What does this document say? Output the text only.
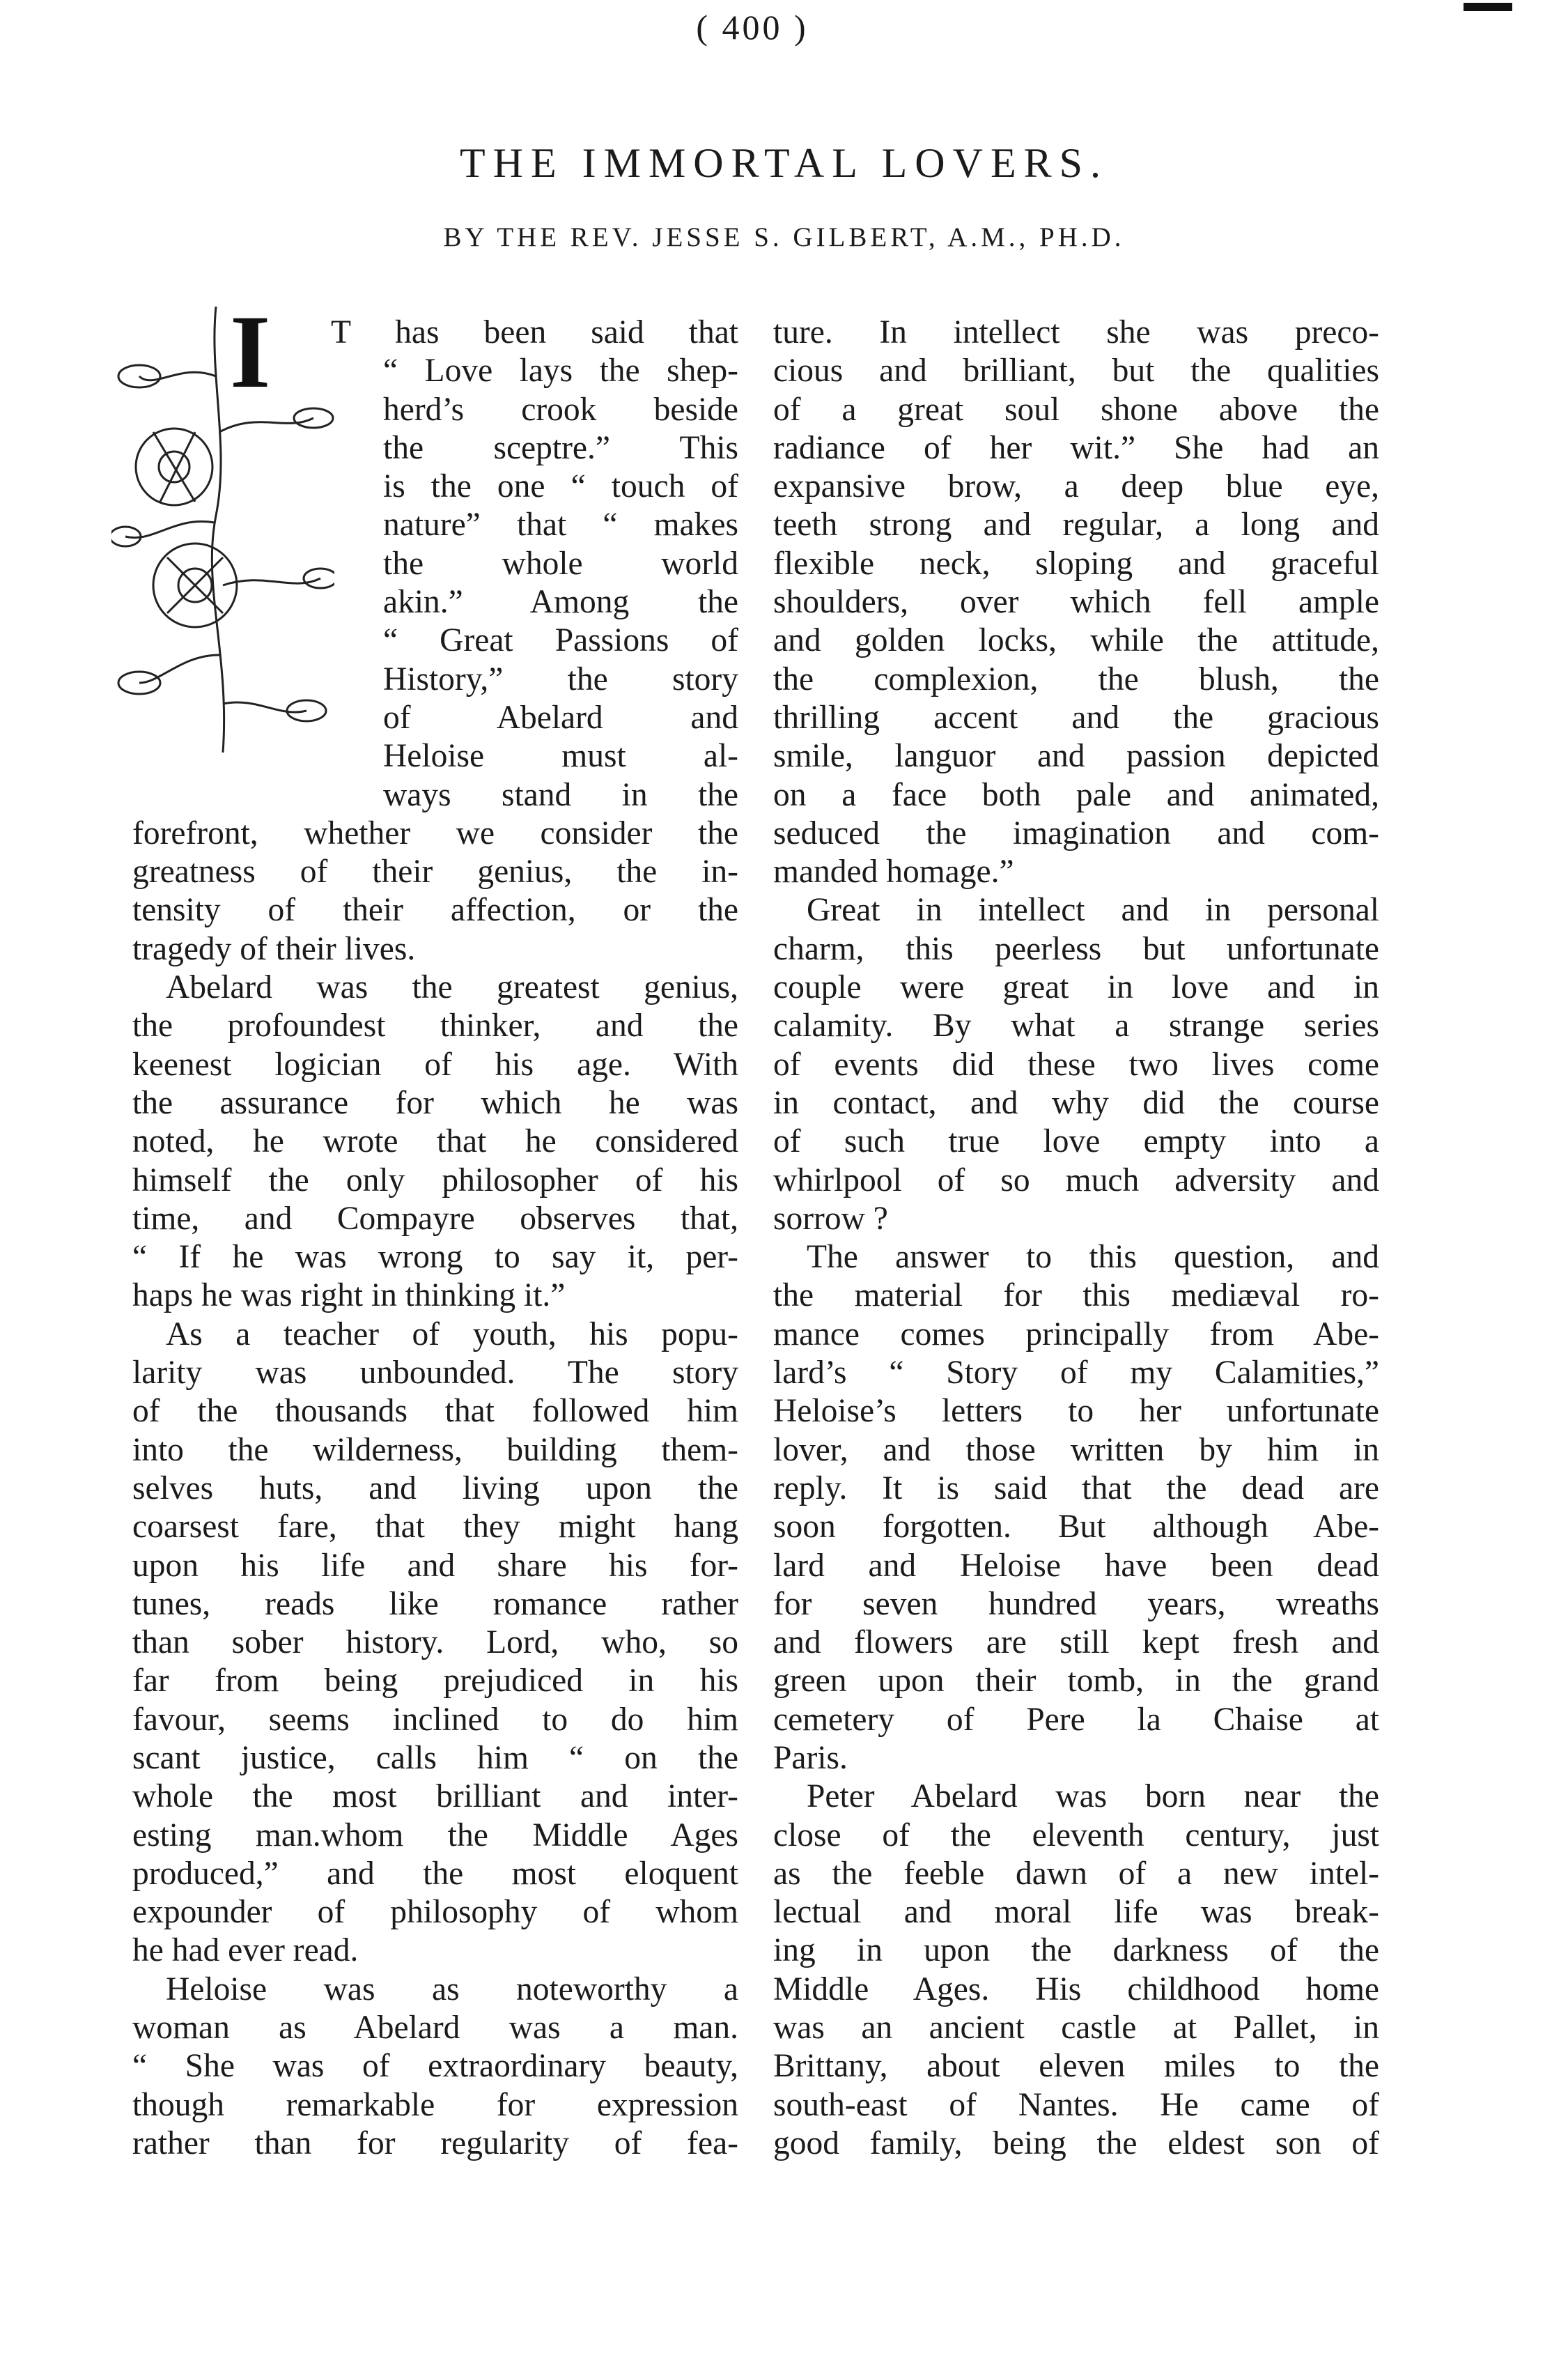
( 400 )
THE IMMORTAL LOVERS.
BY THE REV. JESSE S. GILBERT, A.M., PH.D.
I T has been said that
“ Love lays the shep-
herd’s crook beside
the sceptre.” This
is the one “ touch of
nature” that “ makes
the whole world
akin.” Among the
“ Great Passions of
History,” the story
of Abelard and
Heloise must al-
ways stand in the
forefront, whether we consider the
greatness of their genius, the in-
tensity of their affection, or the
tragedy of their lives.
Abelard was the greatest genius,
the profoundest thinker, and the
keenest logician of his age. With
the assurance for which he was
noted, he wrote that he considered
himself the only philosopher of his
time, and Compayre observes that,
“ If he was wrong to say it, per-
haps he was right in thinking it.”
As a teacher of youth, his popu-
larity was unbounded. The story
of the thousands that followed him
into the wilderness, building them-
selves huts, and living upon the
coarsest fare, that they might hang
upon his life and share his for-
tunes, reads like romance rather
than sober history. Lord, who, so
far from being prejudiced in his
favour, seems inclined to do him
scant justice, calls him “ on the
whole the most brilliant and inter-
esting man.whom the Middle Ages
produced,” and the most eloquent
expounder of philosophy of whom
he had ever read.
Heloise was as noteworthy a
woman as Abelard was a man.
“ She was of extraordinary beauty,
though remarkable for expression
rather than for regularity of fea-
ture. In intellect she was preco-
cious and brilliant, but the qualities
of a great soul shone above the
radiance of her wit.” She had an
expansive brow, a deep blue eye,
teeth strong and regular, a long and
flexible neck, sloping and graceful
shoulders, over which fell ample
and golden locks, while the attitude,
the complexion, the blush, the
thrilling accent and the gracious
smile, languor and passion depicted
on a face both pale and animated,
seduced the imagination and com-
manded homage.”
Great in intellect and in personal
charm, this peerless but unfortunate
couple were great in love and in
calamity. By what a strange series
of events did these two lives come
in contact, and why did the course
of such true love empty into a
whirlpool of so much adversity and
sorrow ?
The answer to this question, and
the material for this mediæval ro-
mance comes principally from Abe-
lard’s “ Story of my Calamities,”
Heloise’s letters to her unfortunate
lover, and those written by him in
reply. It is said that the dead are
soon forgotten. But although Abe-
lard and Heloise have been dead
for seven hundred years, wreaths
and flowers are still kept fresh and
green upon their tomb, in the grand
cemetery of Pere la Chaise at
Paris.
Peter Abelard was born near the
close of the eleventh century, just
as the feeble dawn of a new intel-
lectual and moral life was break-
ing in upon the darkness of the
Middle Ages. His childhood home
was an ancient castle at Pallet, in
Brittany, about eleven miles to the
south-east of Nantes. He came of
good family, being the eldest son of
